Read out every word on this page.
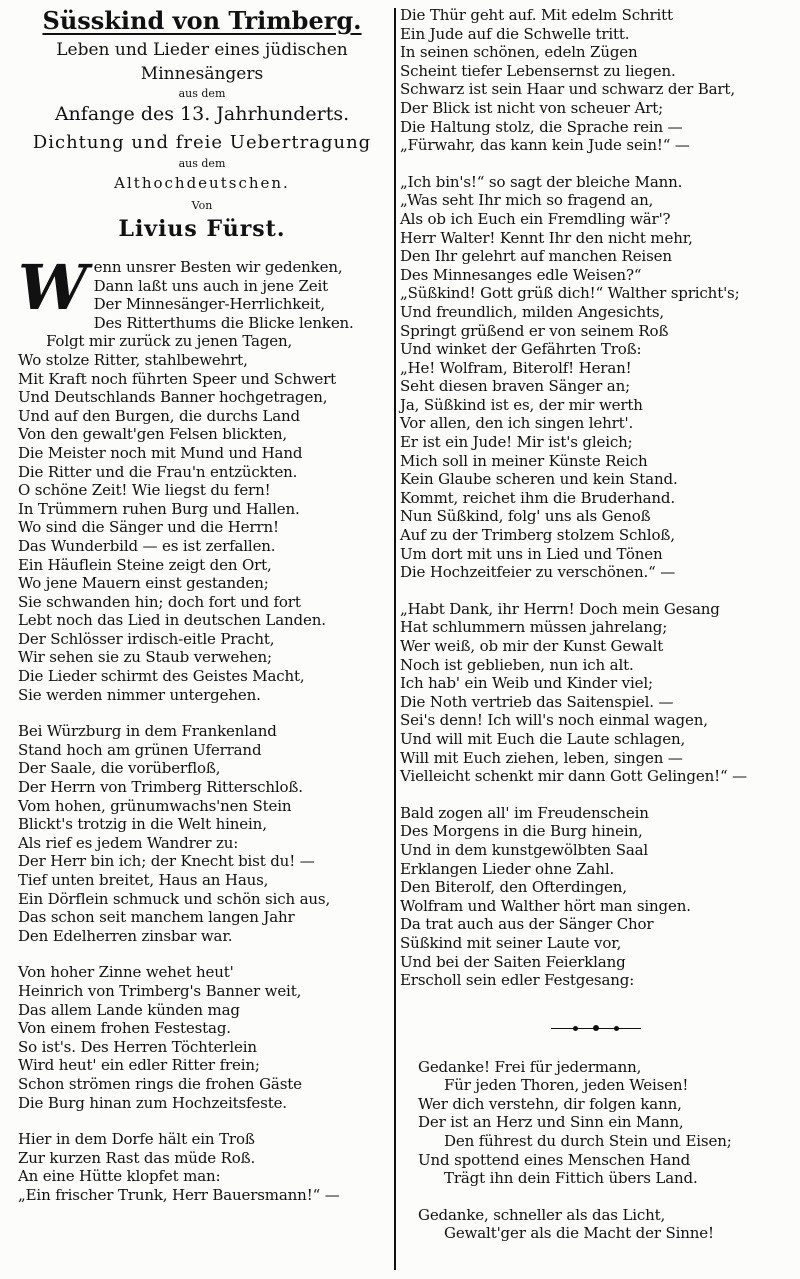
Süsskind von Trimberg.
Leben und Lieder eines jüdischen Minnesängers
aus dem
Anfange des 13. Jahrhunderts.
Dichtung und freie Uebertragung
aus dem
Althochdeutschen.
Von
Livius Fürst.
W enn unsrer Besten wir gedenken,
Dann laßt uns auch in jene Zeit
Der Minnesänger-Herrlichkeit,
Des Ritterthums die Blicke lenken.
Folgt mir zurück zu jenen Tagen,
Wo stolze Ritter, stahlbewehrt,
Mit Kraft noch führten Speer und Schwert
Und Deutschlands Banner hochgetragen,
Und auf den Burgen, die durchs Land
Von den gewalt'gen Felsen blickten,
Die Meister noch mit Mund und Hand
Die Ritter und die Frau'n entzückten.
O schöne Zeit! Wie liegst du fern!
In Trümmern ruhen Burg und Hallen.
Wo sind die Sänger und die Herrn!
Das Wunderbild — es ist zerfallen.
Ein Häuflein Steine zeigt den Ort,
Wo jene Mauern einst gestanden;
Sie schwanden hin; doch fort und fort
Lebt noch das Lied in deutschen Landen.
Der Schlösser irdisch-eitle Pracht,
Wir sehen sie zu Staub verwehen;
Die Lieder schirmt des Geistes Macht,
Sie werden nimmer untergehen.
Bei Würzburg in dem Frankenland
Stand hoch am grünen Uferrand
Der Saale, die vorüberfloß,
Der Herrn von Trimberg Ritterschloß.
Vom hohen, grünumwachs'nen Stein
Blickt's trotzig in die Welt hinein,
Als rief es jedem Wandrer zu:
Der Herr bin ich; der Knecht bist du! —
Tief unten breitet, Haus an Haus,
Ein Dörflein schmuck und schön sich aus,
Das schon seit manchem langen Jahr
Den Edelherren zinsbar war.
Von hoher Zinne wehet heut'
Heinrich von Trimberg's Banner weit,
Das allem Lande künden mag
Von einem frohen Festestag.
So ist's. Des Herren Töchterlein
Wird heut' ein edler Ritter frein;
Schon strömen rings die frohen Gäste
Die Burg hinan zum Hochzeitsfeste.
Hier in dem Dorfe hält ein Troß
Zur kurzen Rast das müde Roß.
An eine Hütte klopfet man:
„Ein frischer Trunk, Herr Bauersmann!“ —
Die Thür geht auf. Mit edelm Schritt
Ein Jude auf die Schwelle tritt.
In seinen schönen, edeln Zügen
Scheint tiefer Lebensernst zu liegen.
Schwarz ist sein Haar und schwarz der Bart,
Der Blick ist nicht von scheuer Art;
Die Haltung stolz, die Sprache rein —
„Fürwahr, das kann kein Jude sein!“ —
„Ich bin's!“ so sagt der bleiche Mann.
„Was seht Ihr mich so fragend an,
Als ob ich Euch ein Fremdling wär'?
Herr Walter! Kennt Ihr den nicht mehr,
Den Ihr gelehrt auf manchen Reisen
Des Minnesanges edle Weisen?“
„Süßkind! Gott grüß dich!“ Walther spricht's;
Und freundlich, milden Angesichts,
Springt grüßend er von seinem Roß
Und winket der Gefährten Troß:
„He! Wolfram, Biterolf! Heran!
Seht diesen braven Sänger an;
Ja, Süßkind ist es, der mir werth
Vor allen, den ich singen lehrt'.
Er ist ein Jude! Mir ist's gleich;
Mich soll in meiner Künste Reich
Kein Glaube scheren und kein Stand.
Kommt, reichet ihm die Bruderhand.
Nun Süßkind, folg' uns als Genoß
Auf zu der Trimberg stolzem Schloß,
Um dort mit uns in Lied und Tönen
Die Hochzeitfeier zu verschönen.“ —
„Habt Dank, ihr Herrn! Doch mein Gesang
Hat schlummern müssen jahrelang;
Wer weiß, ob mir der Kunst Gewalt
Noch ist geblieben, nun ich alt.
Ich hab' ein Weib und Kinder viel;
Die Noth vertrieb das Saitenspiel. —
Sei's denn! Ich will's noch einmal wagen,
Und will mit Euch die Laute schlagen,
Will mit Euch ziehen, leben, singen —
Vielleicht schenkt mir dann Gott Gelingen!“ —
Bald zogen all' im Freudenschein
Des Morgens in die Burg hinein,
Und in dem kunstgewölbten Saal
Erklangen Lieder ohne Zahl.
Den Biterolf, den Ofterdingen,
Wolfram und Walther hört man singen.
Da trat auch aus der Sänger Chor
Süßkind mit seiner Laute vor,
Und bei der Saiten Feierklang
Erscholl sein edler Festgesang:
Gedanke! Frei für jedermann,
Für jeden Thoren, jeden Weisen!
Wer dich verstehn, dir folgen kann,
Der ist an Herz und Sinn ein Mann,
Den führest du durch Stein und Eisen;
Und spottend eines Menschen Hand
Trägt ihn dein Fittich übers Land.
Gedanke, schneller als das Licht,
Gewalt'ger als die Macht der Sinne!
